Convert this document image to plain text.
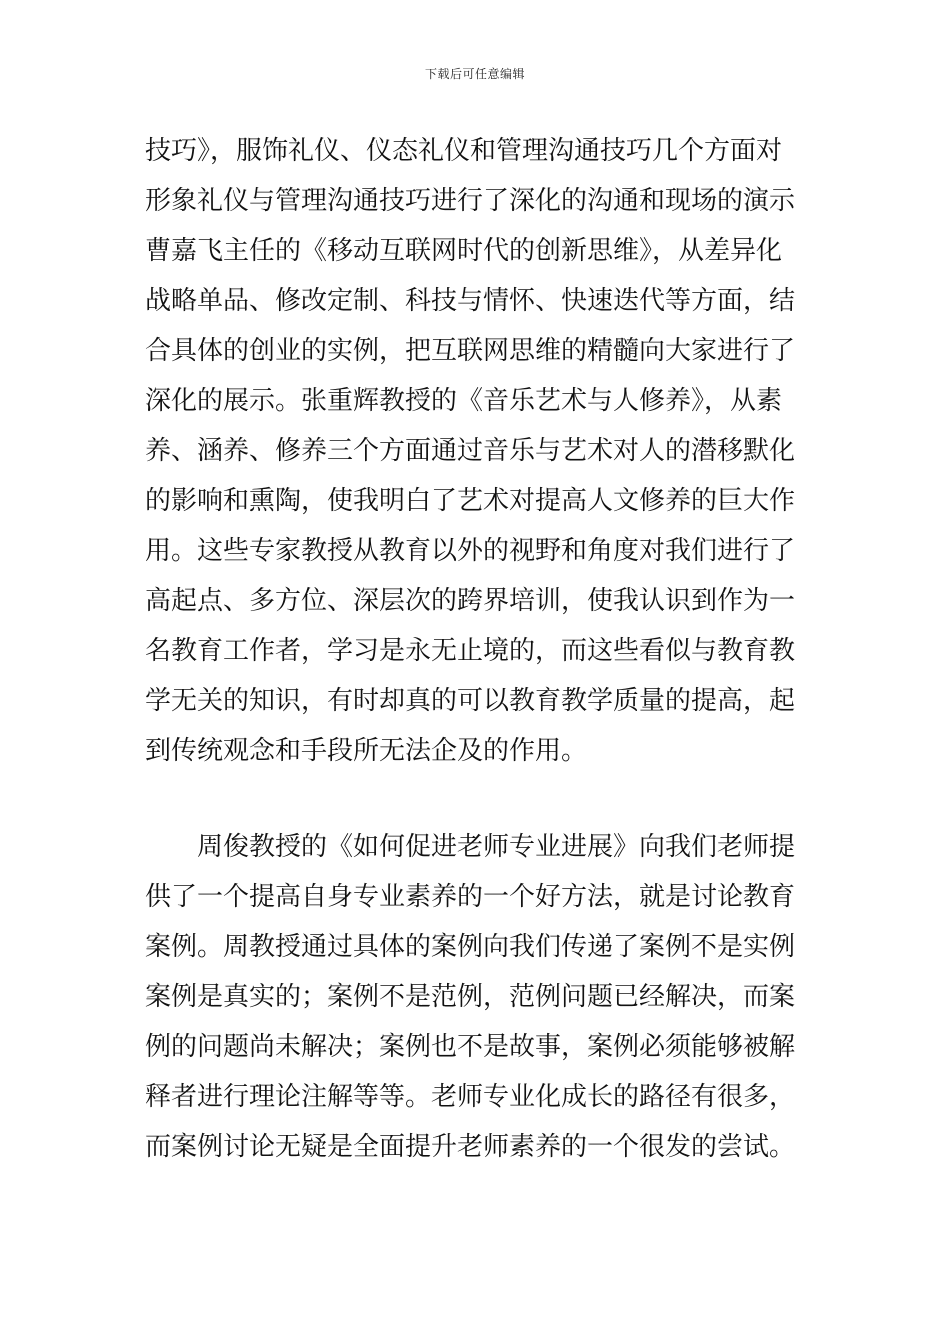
下载后可任意编辑
技巧》，服饰礼仪、仪态礼仪和管理沟通技巧几个方面对
形象礼仪与管理沟通技巧进行了深化的沟通和现场的演示
曹嘉飞主任的《移动互联网时代的创新思维》，从差异化
战略单品、修改定制、科技与情怀、快速迭代等方面，结
合具体的创业的实例，把互联网思维的精髓向大家进行了
深化的展示。张重辉教授的《音乐艺术与人修养》，从素
养、涵养、修养三个方面通过音乐与艺术对人的潜移默化
的影响和熏陶，使我明白了艺术对提高人文修养的巨大作
用。这些专家教授从教育以外的视野和角度对我们进行了
高起点、多方位、深层次的跨界培训，使我认识到作为一
名教育工作者，学习是永无止境的，而这些看似与教育教
学无关的知识，有时却真的可以教育教学质量的提高，起
到传统观念和手段所无法企及的作用。
周俊教授的《如何促进老师专业进展》向我们老师提
供了一个提高自身专业素养的一个好方法，就是讨论教育
案例。周教授通过具体的案例向我们传递了案例不是实例
案例是真实的；案例不是范例，范例问题已经解决，而案
例的问题尚未解决；案例也不是故事，案例必须能够被解
释者进行理论注解等等。老师专业化成长的路径有很多，
而案例讨论无疑是全面提升老师素养的一个很发的尝试。
